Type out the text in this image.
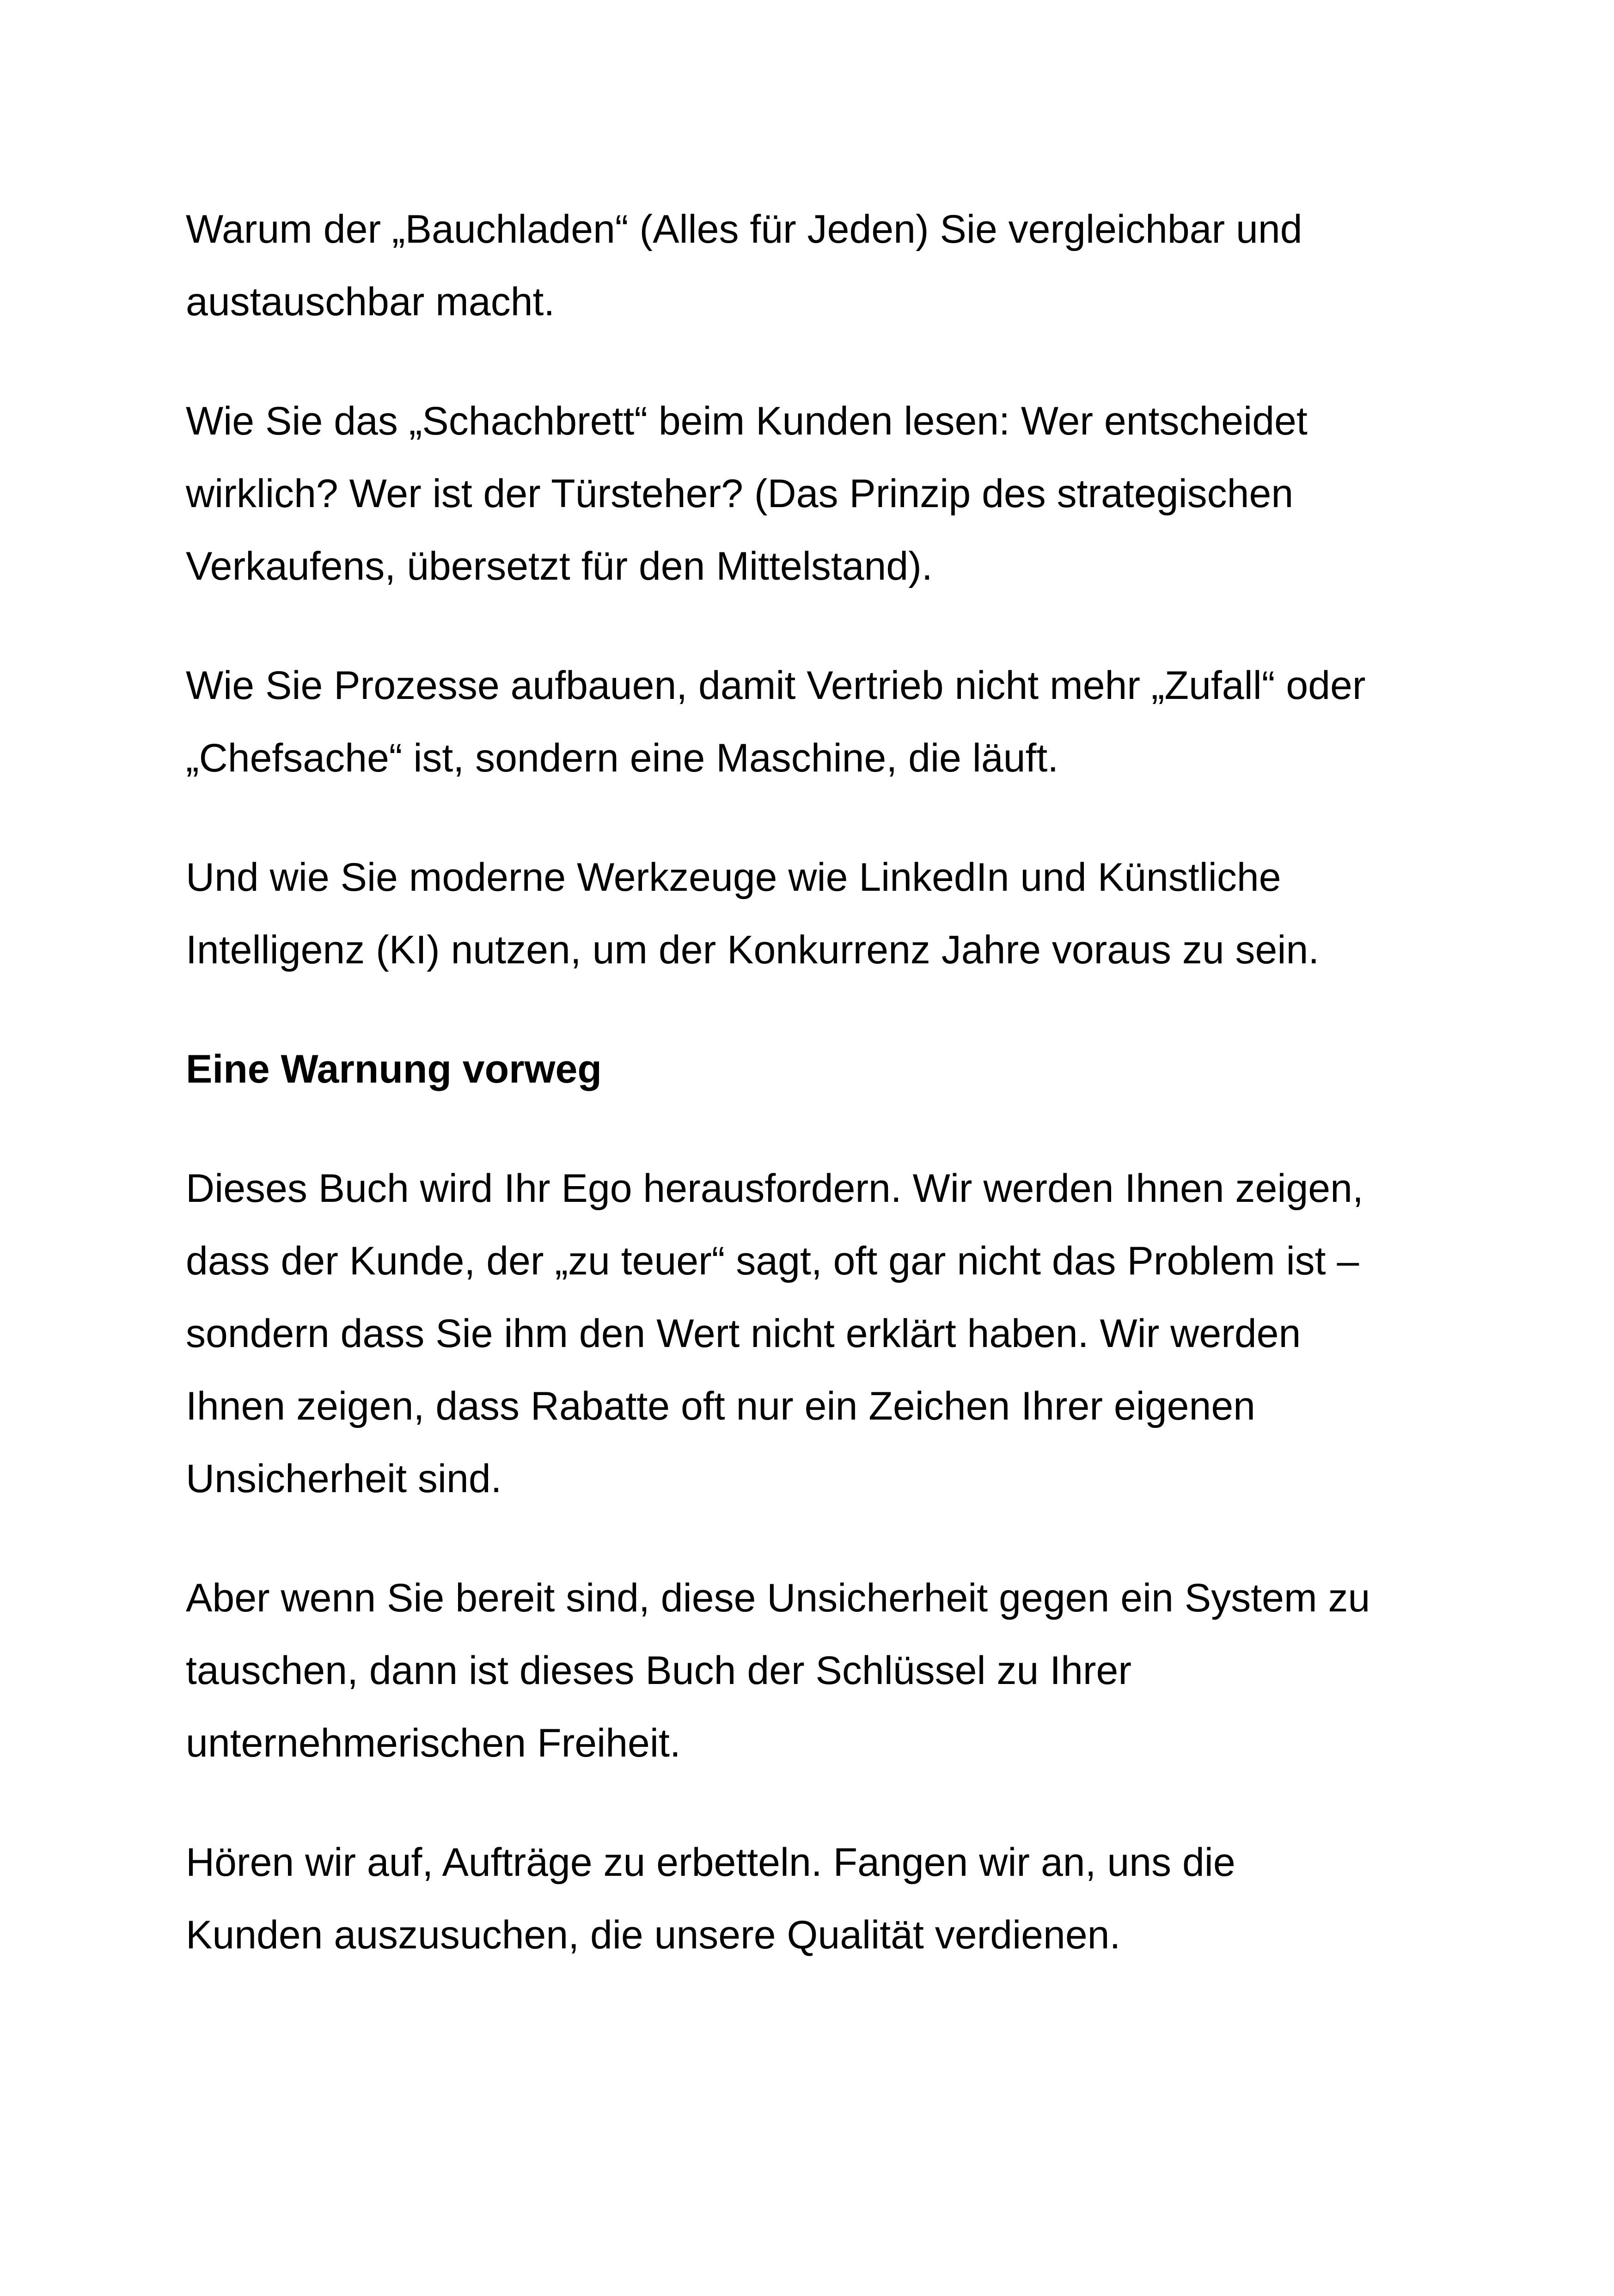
Warum der „Bauchladen“ (Alles für Jeden) Sie vergleichbar und
austauschbar macht.

Wie Sie das „Schachbrett“ beim Kunden lesen: Wer entscheidet
wirklich? Wer ist der Türsteher? (Das Prinzip des strategischen
Verkaufens, übersetzt für den Mittelstand).

Wie Sie Prozesse aufbauen, damit Vertrieb nicht mehr „Zufall“ oder
„Chefsache“ ist, sondern eine Maschine, die läuft.

Und wie Sie moderne Werkzeuge wie LinkedIn und Künstliche
Intelligenz (KI) nutzen, um der Konkurrenz Jahre voraus zu sein.

Eine Warnung vorweg

Dieses Buch wird Ihr Ego herausfordern. Wir werden Ihnen zeigen,
dass der Kunde, der „zu teuer“ sagt, oft gar nicht das Problem ist –
sondern dass Sie ihm den Wert nicht erklärt haben. Wir werden
Ihnen zeigen, dass Rabatte oft nur ein Zeichen Ihrer eigenen
Unsicherheit sind.

Aber wenn Sie bereit sind, diese Unsicherheit gegen ein System zu
tauschen, dann ist dieses Buch der Schlüssel zu Ihrer
unternehmerischen Freiheit.

Hören wir auf, Aufträge zu erbetteln. Fangen wir an, uns die
Kunden auszusuchen, die unsere Qualität verdienen.
